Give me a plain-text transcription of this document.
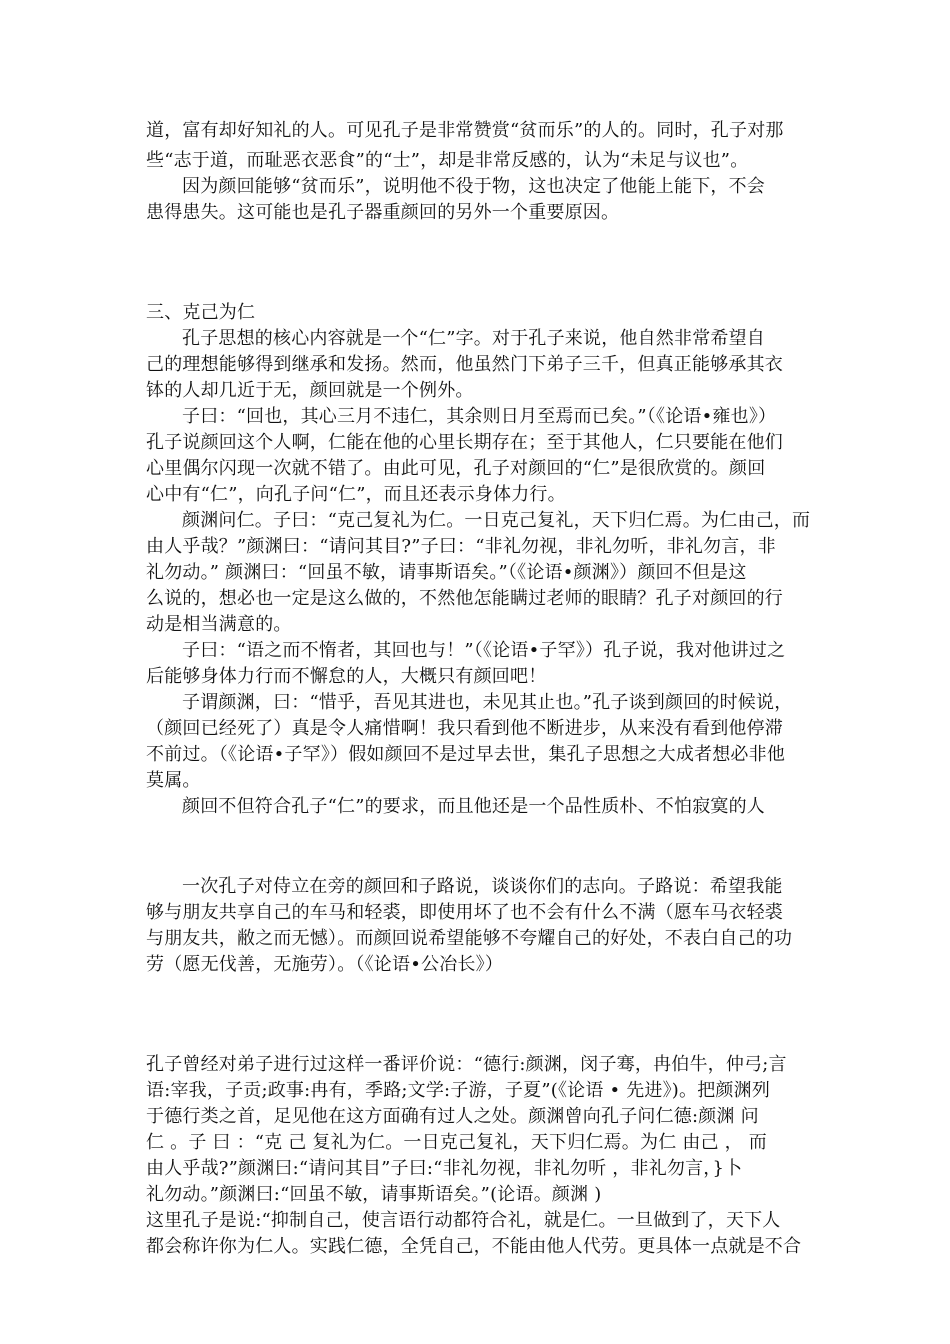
道，富有却好知礼的人。可见孔子是非常赞赏“贫而乐”的人的。同时，孔子对那
些“志于道，而耻恶衣恶食”的“士”，却是非常反感的，认为“未足与议也”。
因为颜回能够“贫而乐”，说明他不役于物，这也决定了他能上能下，不会
患得患失。这可能也是孔子器重颜回的另外一个重要原因。
三、克己为仁
孔子思想的核心内容就是一个“仁”字。对于孔子来说，他自然非常希望自
己的理想能够得到继承和发扬。然而，他虽然门下弟子三千，但真正能够承其衣
钵的人却几近于无，颜回就是一个例外。
子曰：“回也，其心三月不违仁，其余则日月至焉而已矣。”（《论语•雍也》）
孔子说颜回这个人啊，仁能在他的心里长期存在；至于其他人，仁只要能在他们
心里偶尔闪现一次就不错了。由此可见，孔子对颜回的“仁”是很欣赏的。颜回
心中有“仁”，向孔子问“仁”，而且还表示身体力行。
颜渊问仁。子曰：“克己复礼为仁。一日克己复礼，天下归仁焉。为仁由己，而
由人乎哉？”颜渊曰：“请问其目?”子曰：“非礼勿视，非礼勿听，非礼勿言，非
礼勿动。” 颜渊曰：“回虽不敏，请事斯语矣。”（《论语•颜渊》）颜回不但是这
么说的，想必也一定是这么做的，不然他怎能瞒过老师的眼睛？孔子对颜回的行
动是相当满意的。
子曰：“语之而不惰者，其回也与！”（《论语•子罕》）孔子说，我对他讲过之
后能够身体力行而不懈怠的人，大概只有颜回吧！
子谓颜渊，曰：“惜乎，吾见其进也，未见其止也。”孔子谈到颜回的时候说，
（颜回已经死了）真是令人痛惜啊！我只看到他不断进步，从来没有看到他停滞
不前过。（《论语•子罕》）假如颜回不是过早去世，集孔子思想之大成者想必非他
莫属。
颜回不但符合孔子“仁”的要求，而且他还是一个品性质朴、不怕寂寞的人
一次孔子对侍立在旁的颜回和子路说，谈谈你们的志向。子路说：希望我能
够与朋友共享自己的车马和轻裘，即使用坏了也不会有什么不满（愿车马衣轻裘
与朋友共，敝之而无憾）。而颜回说希望能够不夸耀自己的好处，不表白自己的功
劳（愿无伐善，无施劳）。（《论语•公冶长》）
孔子曾经对弟子进行过这样一番评价说：“德行:颜渊，闵子骞，冉伯牛，仲弓;言
语:宰我，子贡;政事:冉有，季路;文学:子游，子夏”(《论语 • 先进》)。把颜渊列
于德行类之首，足见他在这方面确有过人之处。颜渊曾向孔子问仁德:颜渊 问
仁 。子 曰 ：“克 己 复礼为仁。一日克己复礼，天下归仁焉。为仁 由己 ， 而
由人乎哉?”颜渊曰:“请问其目”子曰:“非礼勿视，非礼勿听 ，非礼勿言，}卜
礼勿动。”颜渊曰:“回虽不敏，请事斯语矣。”(论语。颜渊 )
这里孔子是说:“抑制自己，使言语行动都符合礼，就是仁。一旦做到了，天下人
都会称许你为仁人。实践仁德，全凭自己，不能由他人代劳。更具体一点就是不合
